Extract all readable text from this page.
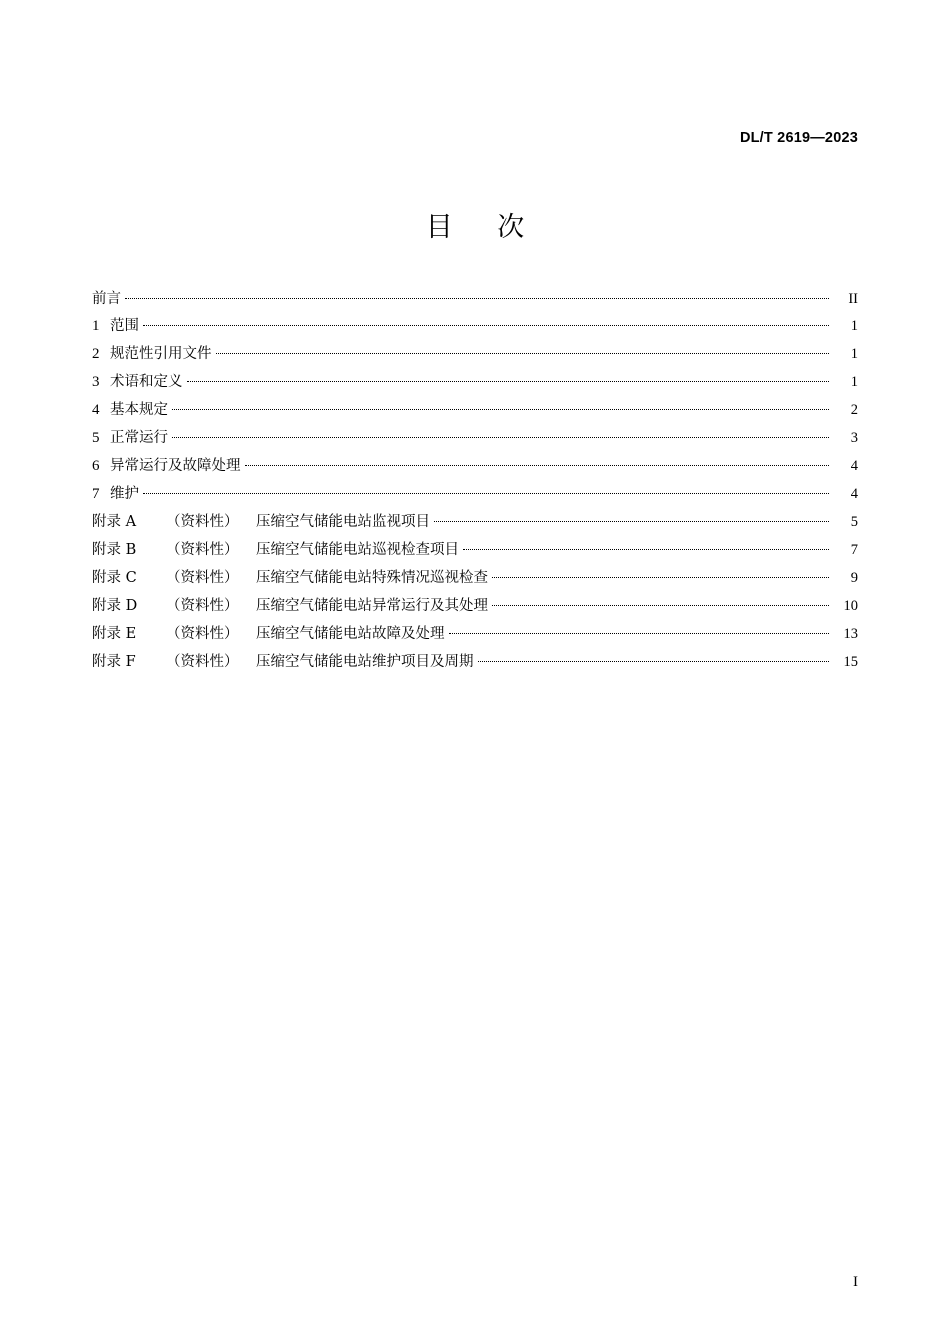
DL/T 2619—2023
目 次
前言	II
1 范围	1
2 规范性引用文件	1
3 术语和定义	1
4 基本规定	2
5 正常运行	3
6 异常运行及故障处理	4
7 维护	4
附录 A	（资料性）	压缩空气储能电站监视项目	5
附录 B	（资料性）	压缩空气储能电站巡视检查项目	7
附录 C	（资料性）	压缩空气储能电站特殊情况巡视检查	9
附录 D	（资料性）	压缩空气储能电站异常运行及其处理	10
附录 E	（资料性）	压缩空气储能电站故障及处理	13
附录 F	（资料性）	压缩空气储能电站维护项目及周期	15
I
